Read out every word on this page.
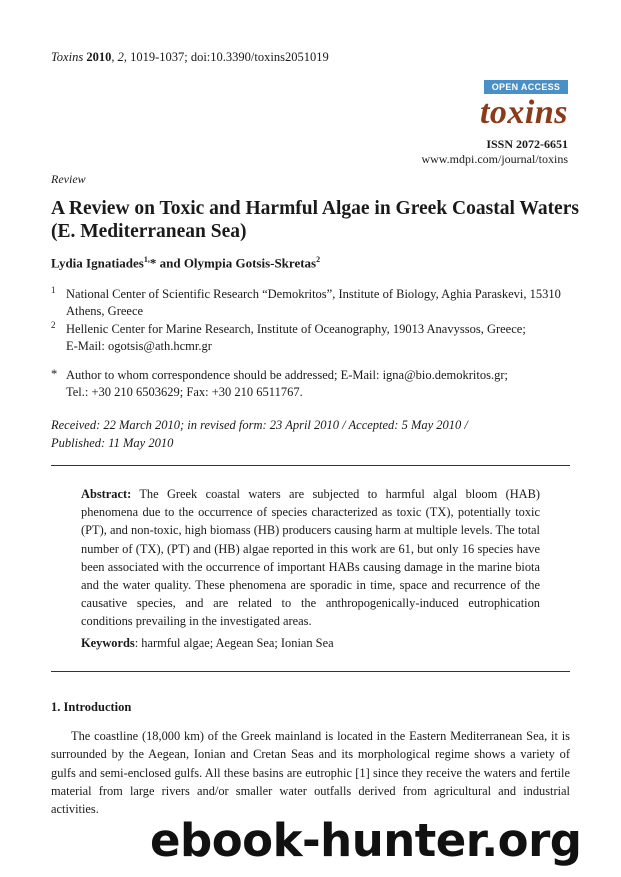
Toxins 2010, 2, 1019-1037; doi:10.3390/toxins2051019
OPEN ACCESS
toxins
ISSN 2072-6651
www.mdpi.com/journal/toxins
Review
A Review on Toxic and Harmful Algae in Greek Coastal Waters (E. Mediterranean Sea)
Lydia Ignatiades$^{1,}$* and Olympia Gotsis-Skretas$^2$
1 National Center of Scientific Research “Demokritos”, Institute of Biology, Aghia Paraskevi, 15310
Athens, Greece
2 Hellenic Center for Marine Research, Institute of Oceanography, 19013 Anavyssos, Greece;
E-Mail: ogotsis@ath.hcmr.gr
* Author to whom correspondence should be addressed; E-Mail: igna@bio.demokritos.gr;
Tel.: +30 210 6503629; Fax: +30 210 6511767.
Received: 22 March 2010; in revised form: 23 April 2010 / Accepted: 5 May 2010 /
Published: 11 May 2010
Abstract: The Greek coastal waters are subjected to harmful algal bloom (HAB) phenomena due to the occurrence of species characterized as toxic (TX), potentially toxic (PT), and non-toxic, high biomass (HB) producers causing harm at multiple levels. The total number of (TX), (PT) and (HB) algae reported in this work are 61, but only 16 species have been associated with the occurrence of important HABs causing damage in the marine biota and the water quality. These phenomena are sporadic in time, space and recurrence of the causative species, and are related to the anthropogenically-induced eutrophication conditions prevailing in the investigated areas.
Keywords: harmful algae; Aegean Sea; Ionian Sea
1. Introduction
The coastline (18,000 km) of the Greek mainland is located in the Eastern Mediterranean Sea, it is surrounded by the Aegean, Ionian and Cretan Seas and its morphological regime shows a variety of gulfs and semi-enclosed gulfs. All these basins are eutrophic [1] since they receive the waters and fertile material from large rivers and/or smaller water outfalls derived from agricultural and industrial activities.
ebook-hunter.org
